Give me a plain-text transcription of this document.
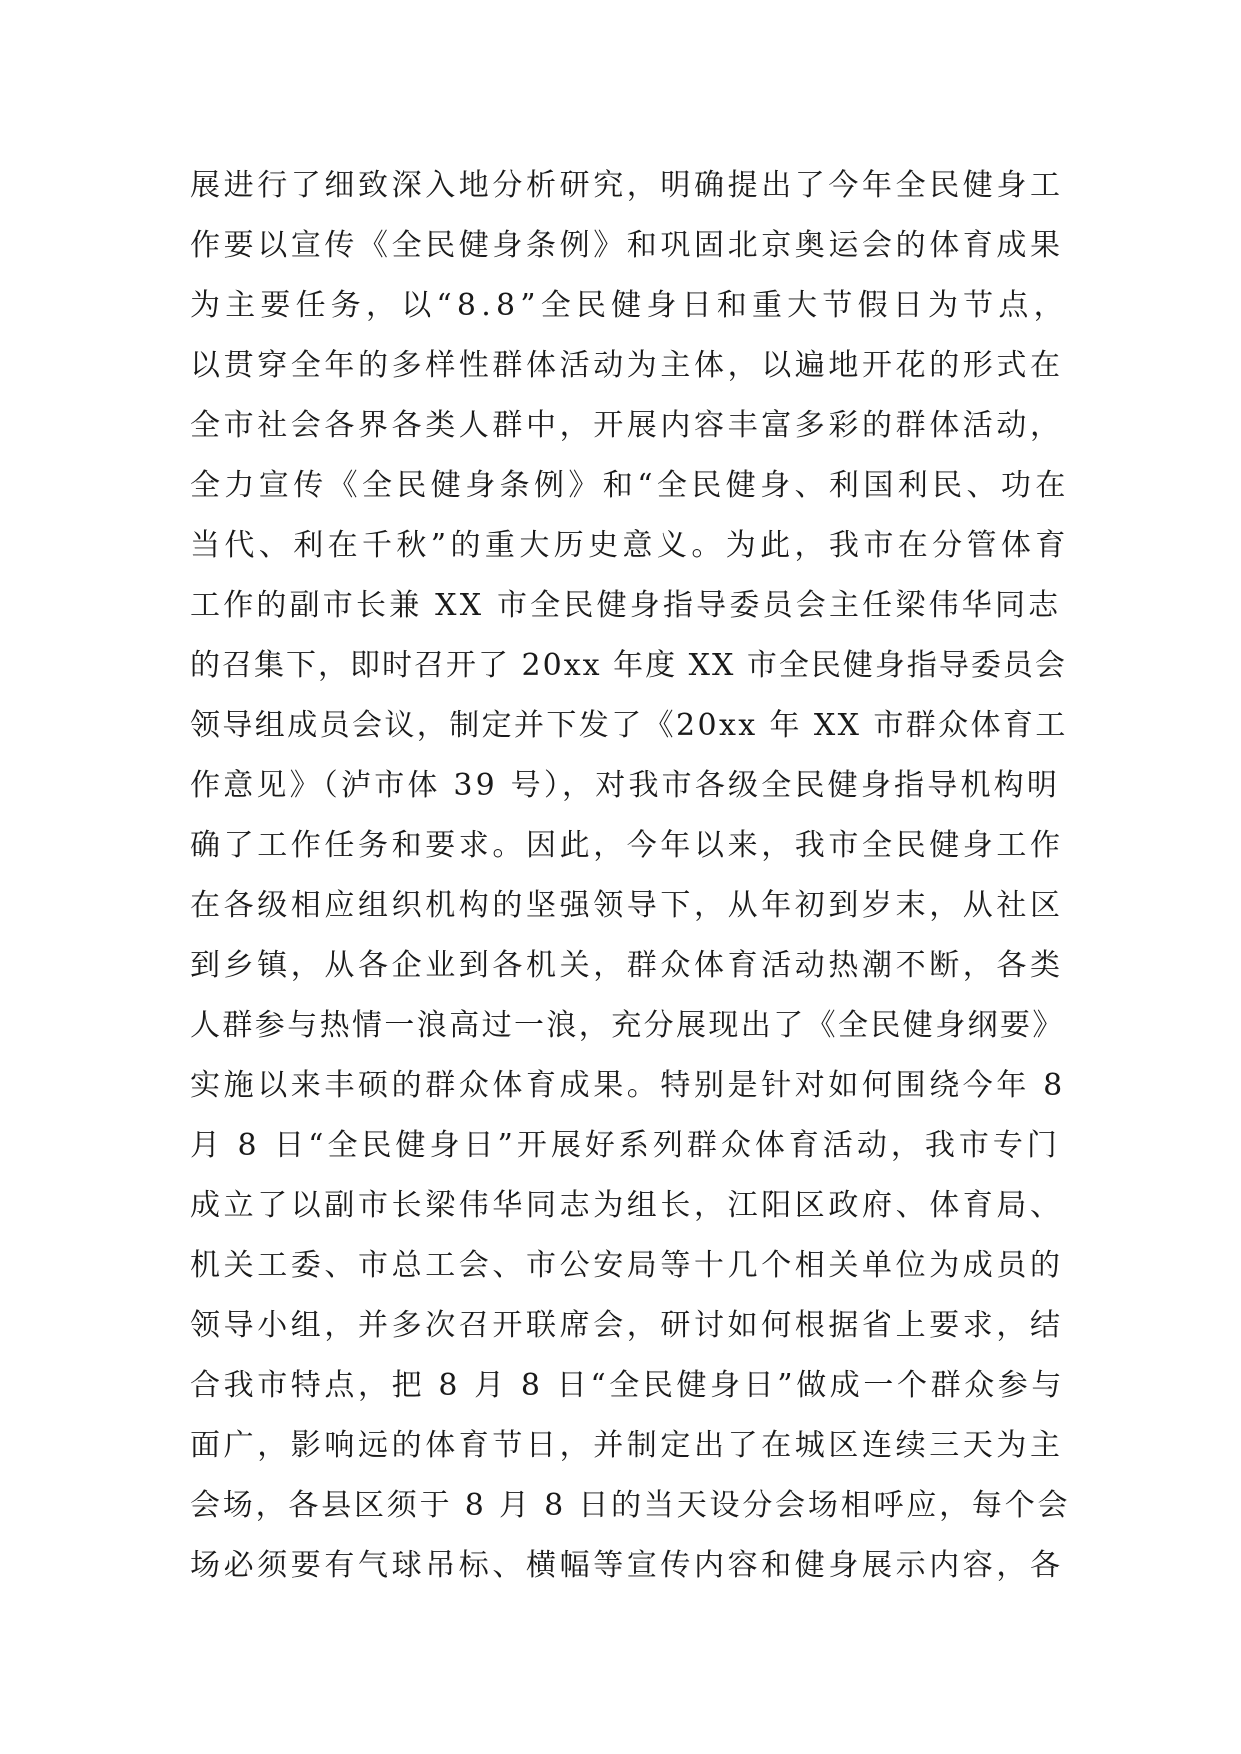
展进行了细致深入地分析研究，明确提出了今年全民健身工
作要以宣传《全民健身条例》和巩固北京奥运会的体育成果
为主要任务，以“8.8”全民健身日和重大节假日为节点，
以贯穿全年的多样性群体活动为主体，以遍地开花的形式在
全市社会各界各类人群中，开展内容丰富多彩的群体活动，
全力宣传《全民健身条例》和“全民健身、利国利民、功在
当代、利在千秋”的重大历史意义。为此，我市在分管体育
工作的副市长兼 XX 市全民健身指导委员会主任梁伟华同志
的召集下，即时召开了 20xx 年度 XX 市全民健身指导委员会
领导组成员会议，制定并下发了《20xx 年 XX 市群众体育工
作意见》（泸市体 39 号），对我市各级全民健身指导机构明
确了工作任务和要求。因此，今年以来，我市全民健身工作
在各级相应组织机构的坚强领导下，从年初到岁末，从社区
到乡镇，从各企业到各机关，群众体育活动热潮不断，各类
人群参与热情一浪高过一浪，充分展现出了《全民健身纲要》
实施以来丰硕的群众体育成果。特别是针对如何围绕今年 8
月 8 日“全民健身日”开展好系列群众体育活动，我市专门
成立了以副市长梁伟华同志为组长，江阳区政府、体育局、
机关工委、市总工会、市公安局等十几个相关单位为成员的
领导小组，并多次召开联席会，研讨如何根据省上要求，结
合我市特点，把 8 月 8 日“全民健身日”做成一个群众参与
面广，影响远的体育节日，并制定出了在城区连续三天为主
会场，各县区须于 8 月 8 日的当天设分会场相呼应，每个会
场必须要有气球吊标、横幅等宣传内容和健身展示内容，各
